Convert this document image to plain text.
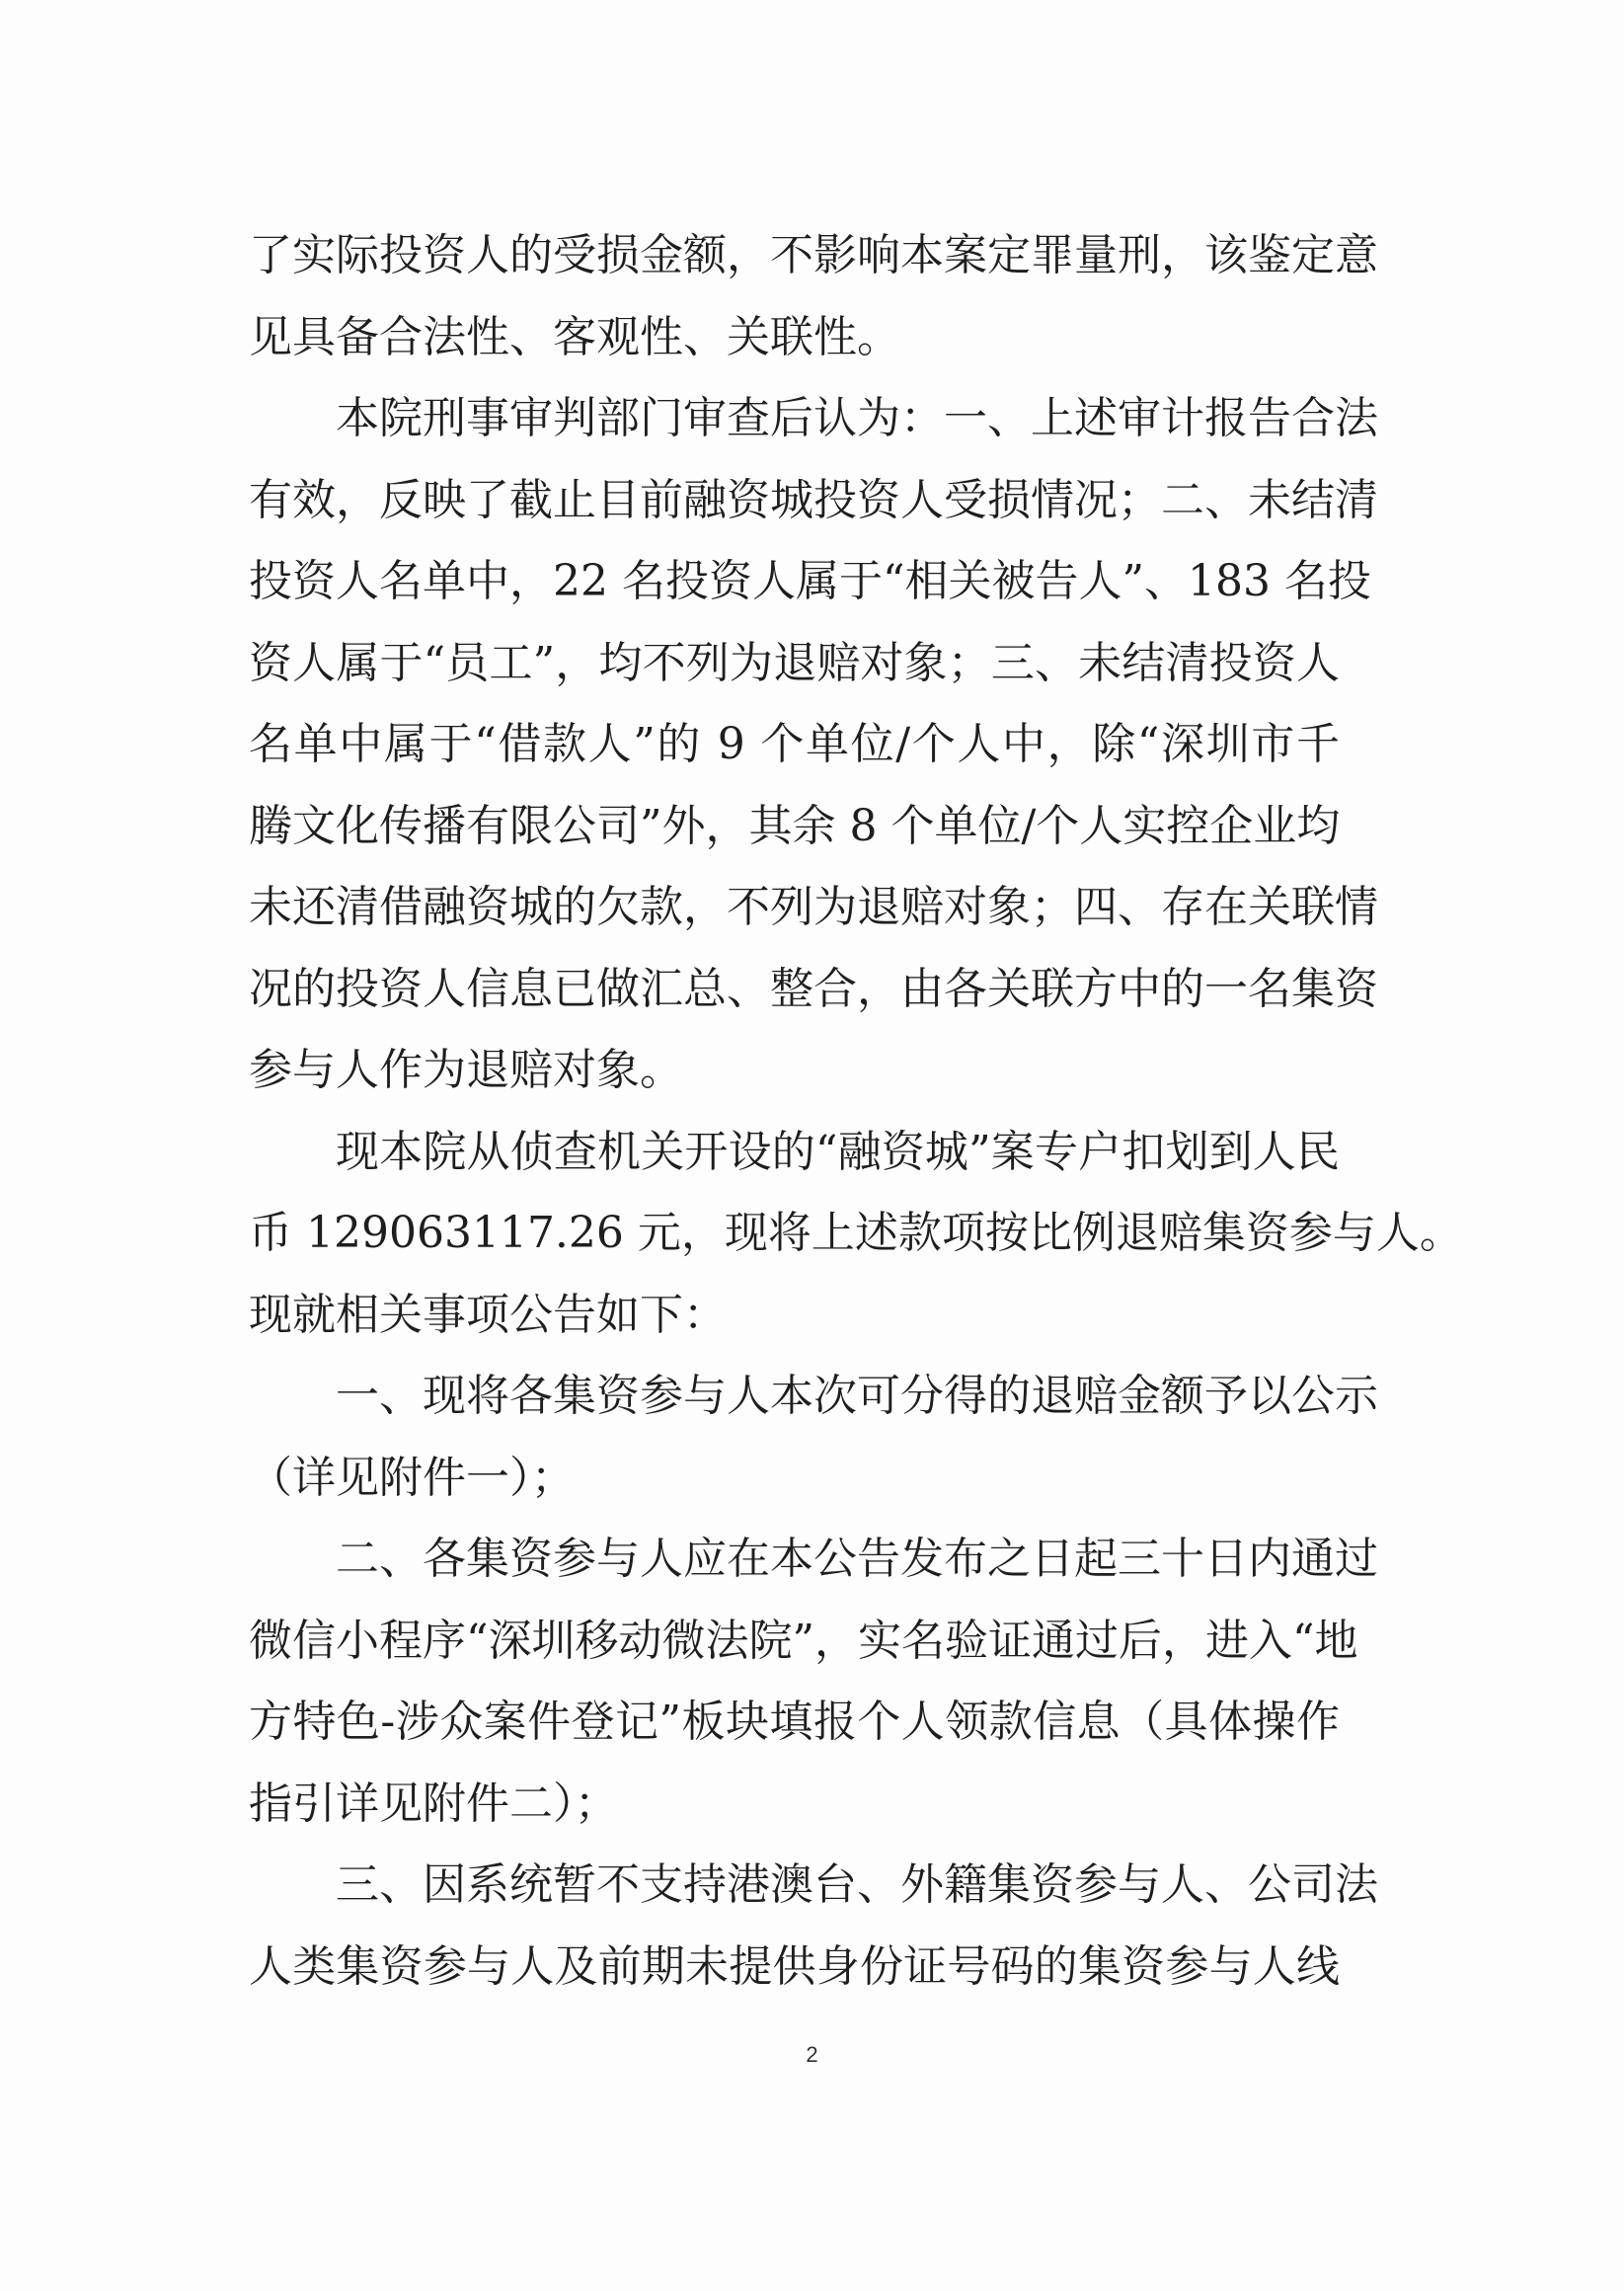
了实际投资人的受损金额，不影响本案定罪量刑，该鉴定意
见具备合法性、客观性、关联性。
本院刑事审判部门审查后认为：一、上述审计报告合法
有效，反映了截止目前融资城投资人受损情况；二、未结清
投资人名单中，22 名投资人属于“相关被告人”、183 名投
资人属于“员工”，均不列为退赔对象；三、未结清投资人
名单中属于“借款人”的 9 个单位/个人中，除“深圳市千
腾文化传播有限公司”外，其余 8 个单位/个人实控企业均
未还清借融资城的欠款，不列为退赔对象；四、存在关联情
况的投资人信息已做汇总、整合，由各关联方中的一名集资
参与人作为退赔对象。
现本院从侦查机关开设的“融资城”案专户扣划到人民
币 129063117.26 元，现将上述款项按比例退赔集资参与人。
现就相关事项公告如下：
一、现将各集资参与人本次可分得的退赔金额予以公示
（详见附件一）；
二、各集资参与人应在本公告发布之日起三十日内通过
微信小程序“深圳移动微法院”，实名验证通过后，进入“地
方特色-涉众案件登记”板块填报个人领款信息（具体操作
指引详见附件二）；
三、因系统暂不支持港澳台、外籍集资参与人、公司法
人类集资参与人及前期未提供身份证号码的集资参与人线
2
